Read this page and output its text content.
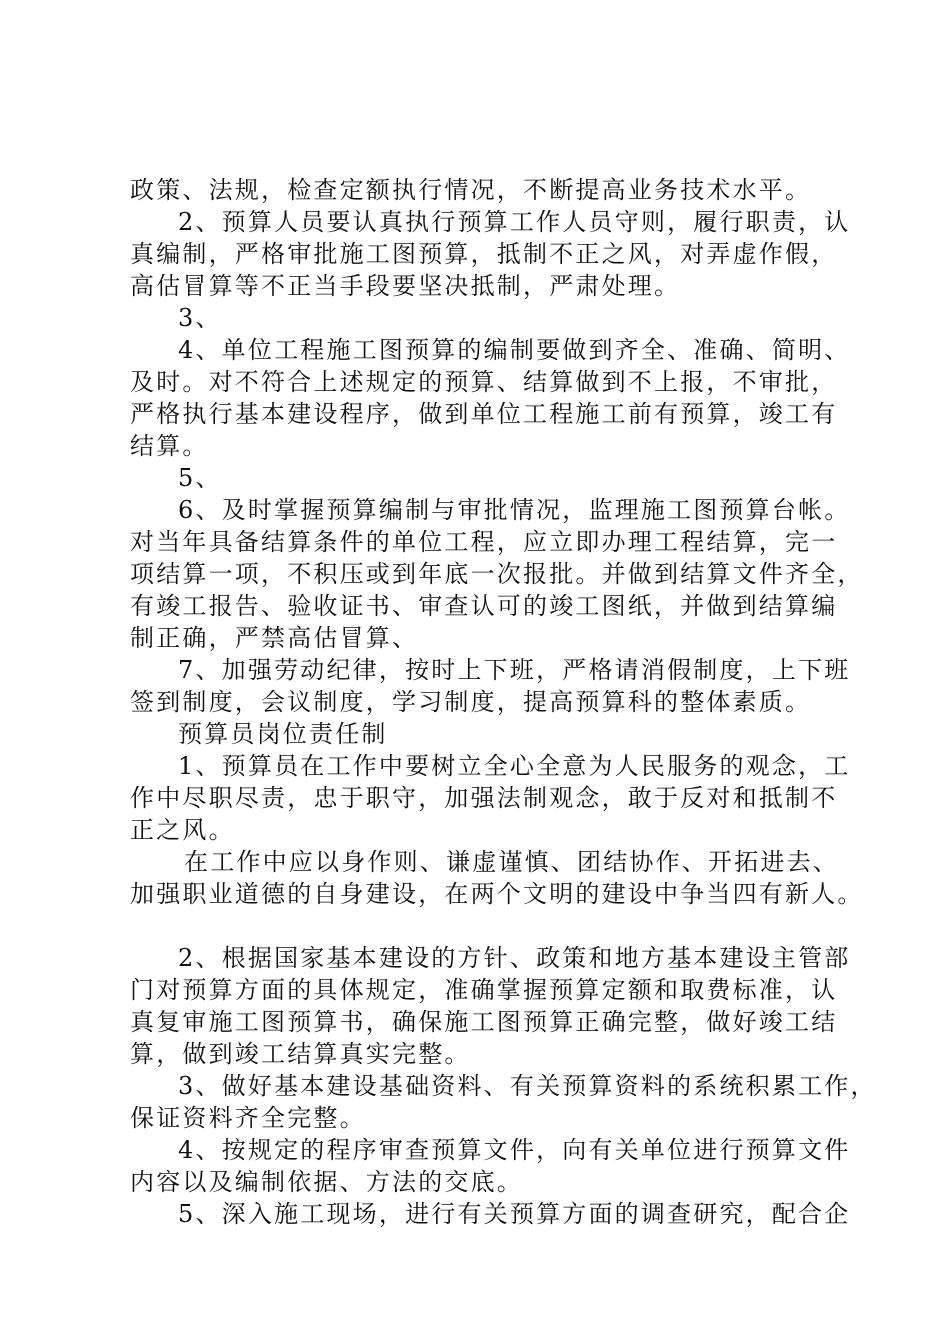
政策、法规，检查定额执行情况，不断提高业务技术水平。
2、预算人员要认真执行预算工作人员守则，履行职责，认
真编制，严格审批施工图预算，抵制不正之风，对弄虚作假，
高估冒算等不正当手段要坚决抵制，严肃处理。
3、
4、单位工程施工图预算的编制要做到齐全、准确、简明、
及时。对不符合上述规定的预算、结算做到不上报，不审批，
严格执行基本建设程序，做到单位工程施工前有预算，竣工有
结算。
5、
6、及时掌握预算编制与审批情况，监理施工图预算台帐。
对当年具备结算条件的单位工程，应立即办理工程结算，完一
项结算一项，不积压或到年底一次报批。并做到结算文件齐全，
有竣工报告、验收证书、审查认可的竣工图纸，并做到结算编
制正确，严禁高估冒算、
7、加强劳动纪律，按时上下班，严格请消假制度，上下班
签到制度，会议制度，学习制度，提高预算科的整体素质。
预算员岗位责任制
1、预算员在工作中要树立全心全意为人民服务的观念，工
作中尽职尽责，忠于职守，加强法制观念，敢于反对和抵制不
正之风。
在工作中应以身作则、谦虚谨慎、团结协作、开拓进去、
加强职业道德的自身建设，在两个文明的建设中争当四有新人。
2、根据国家基本建设的方针、政策和地方基本建设主管部
门对预算方面的具体规定，准确掌握预算定额和取费标准，认
真复审施工图预算书，确保施工图预算正确完整，做好竣工结
算，做到竣工结算真实完整。
3、做好基本建设基础资料、有关预算资料的系统积累工作，
保证资料齐全完整。
4、按规定的程序审查预算文件，向有关单位进行预算文件
内容以及编制依据、方法的交底。
5、深入施工现场，进行有关预算方面的调查研究，配合企
